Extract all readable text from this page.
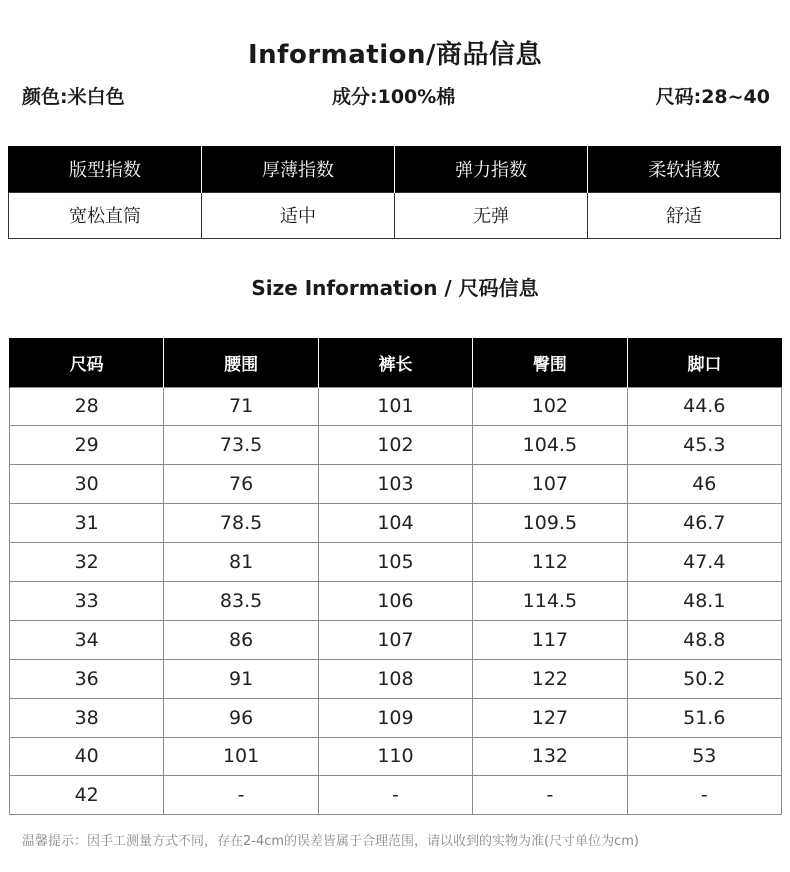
Information/商品信息
颜色:米白色	成分:100%棉	尺码:28~40
版型指数	厚薄指数	弹力指数	柔软指数
宽松直筒	适中	无弹	舒适
Size Information / 尺码信息
尺码	腰围	裤长	臀围	脚口
28	71	101	102	44.6
29	73.5	102	104.5	45.3
30	76	103	107	46
31	78.5	104	109.5	46.7
32	81	105	112	47.4
33	83.5	106	114.5	48.1
34	86	107	117	48.8
36	91	108	122	50.2
38	96	109	127	51.6
40	101	110	132	53
42	-	-	-	-
温馨提示：因手工测量方式不同，存在2-4cm的误差皆属于合理范围，请以收到的实物为准(尺寸单位为cm)
